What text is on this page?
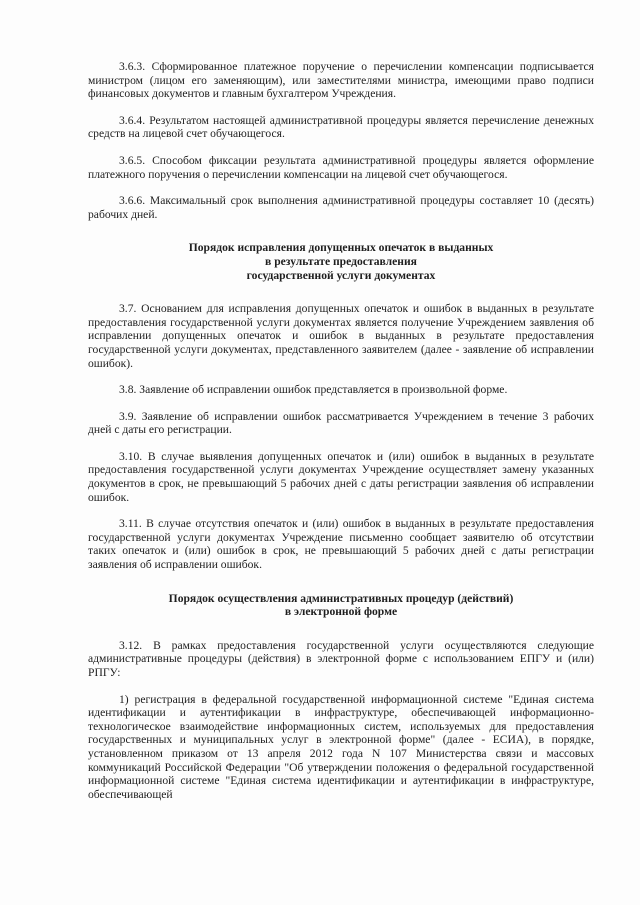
3.6.3. Сформированное платежное поручение о перечислении компенсации подписывается министром (лицом его заменяющим), или заместителями министра, имеющими право подписи финансовых документов и главным бухгалтером Учреждения.

3.6.4. Результатом настоящей административной процедуры является перечисление денежных средств на лицевой счет обучающегося.

3.6.5. Способом фиксации результата административной процедуры является оформление платежного поручения о перечислении компенсации на лицевой счет обучающегося.

3.6.6. Максимальный срок выполнения административной процедуры составляет 10 (десять) рабочих дней.

Порядок исправления допущенных опечаток в выданных

в результате предоставления

государственной услуги документах

3.7. Основанием для исправления допущенных опечаток и ошибок в выданных в результате предоставления государственной услуги документах является получение Учреждением заявления об исправлении допущенных опечаток и ошибок в выданных в результате предоставления государственной услуги документах, представленного заявителем (далее - заявление об исправлении ошибок).

3.8. Заявление об исправлении ошибок представляется в произвольной форме.

3.9. Заявление об исправлении ошибок рассматривается Учреждением в течение 3 рабочих дней с даты его регистрации.

3.10. В случае выявления допущенных опечаток и (или) ошибок в выданных в результате предоставления государственной услуги документах Учреждение осуществляет замену указанных документов в срок, не превышающий 5 рабочих дней с даты регистрации заявления об исправлении ошибок.

3.11. В случае отсутствия опечаток и (или) ошибок в выданных в результате предоставления государственной услуги документах Учреждение письменно сообщает заявителю об отсутствии таких опечаток и (или) ошибок в срок, не превышающий 5 рабочих дней с даты регистрации заявления об исправлении ошибок.

Порядок осуществления административных процедур (действий)

в электронной форме

3.12. В рамках предоставления государственной услуги осуществляются следующие административные процедуры (действия) в электронной форме с использованием ЕПГУ и (или) РПГУ:

1) регистрация в федеральной государственной информационной системе "Единая система идентификации и аутентификации в инфраструктуре, обеспечивающей информационно-технологическое взаимодействие информационных систем, используемых для предоставления государственных и муниципальных услуг в электронной форме" (далее - ЕСИА), в порядке, установленном приказом от 13 апреля 2012 года N 107 Министерства связи и массовых коммуникаций Российской Федерации "Об утверждении положения о федеральной государственной информационной системе "Единая система идентификации и аутентификации в инфраструктуре, обеспечивающей
